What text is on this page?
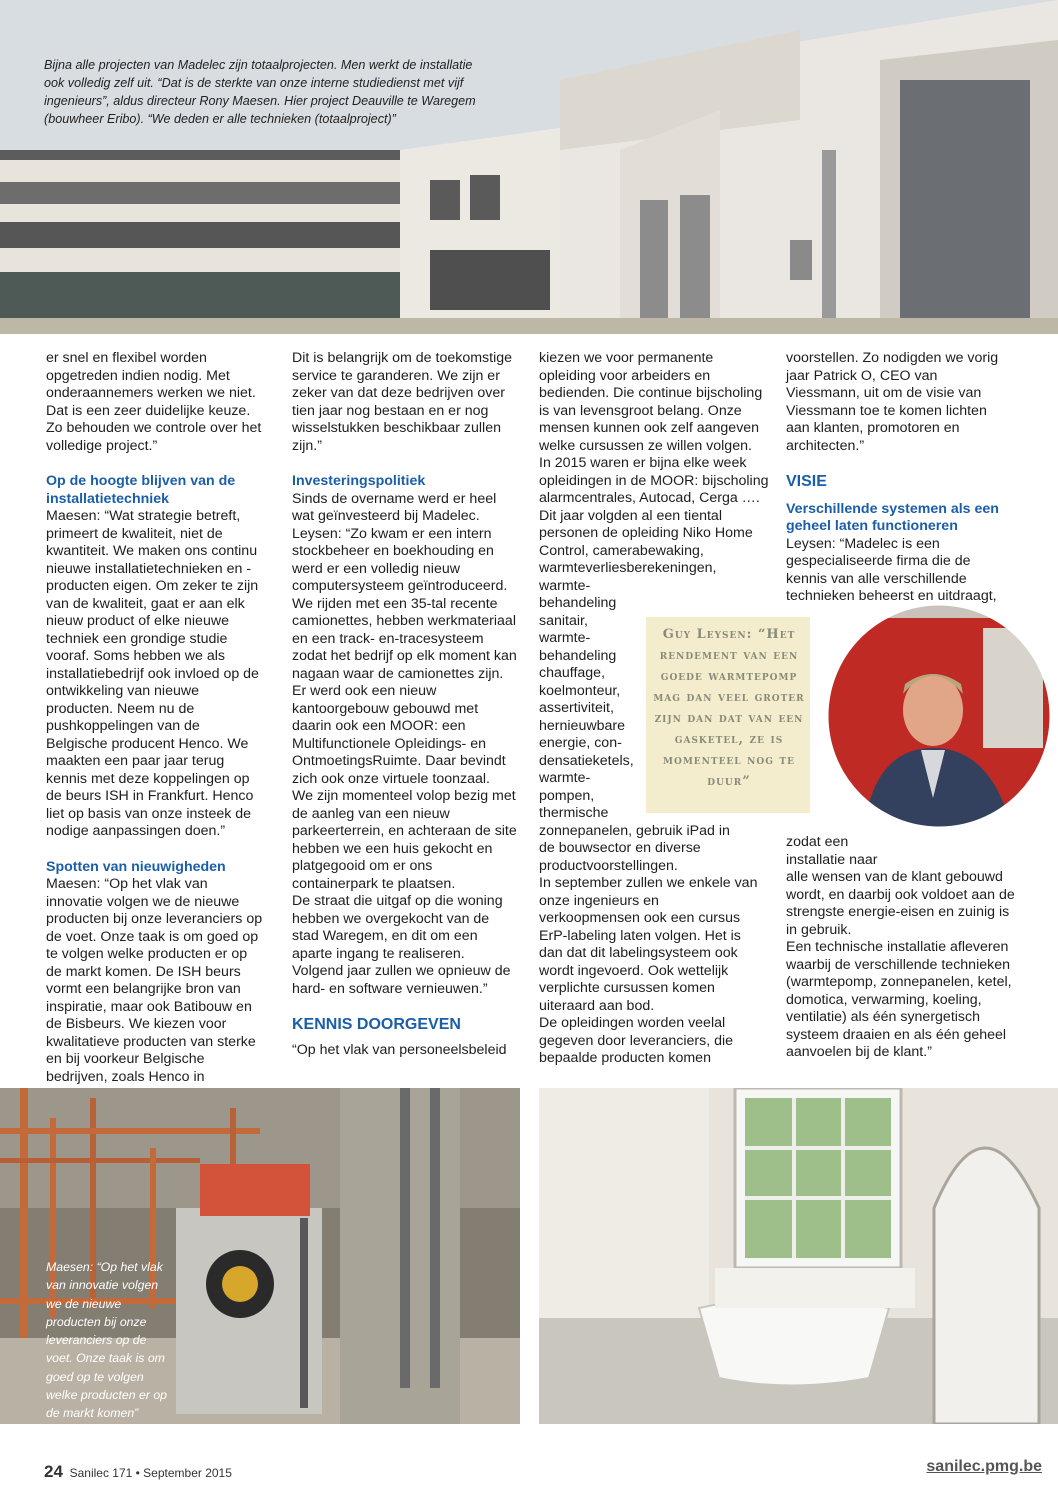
Bijna alle projecten van Madelec zijn totaalprojecten. Men werkt de installatie ook volledig zelf uit. “Dat is de sterkte van onze interne studiedienst met vijf ingenieurs”, aldus directeur Rony Maesen. Hier project Deauville te Waregem (bouwheer Eribo). “We deden er alle technieken (totaalproject)”

er snel en flexibel worden opgetreden indien nodig. Met onderaannemers werken we niet. Dat is een zeer duidelijke keuze. Zo behouden we controle over het volledige project.”

Op de hoogte blijven van de installatietechniek

Maesen: “Wat strategie betreft, primeert de kwaliteit, niet de kwantiteit. We maken ons continu nieuwe installatietechnieken en -producten eigen. Om zeker te zijn van de kwaliteit, gaat er aan elk nieuw product of elke nieuwe techniek een grondige studie vooraf. Soms hebben we als installatiebedrijf ook invloed op de ontwikkeling van nieuwe producten. Neem nu de pushkoppelingen van de Belgische producent Henco. We maakten een paar jaar terug kennis met deze koppelingen op de beurs ISH in Frankfurt. Henco liet op basis van onze insteek de nodige aanpassingen doen.”

Spotten van nieuwigheden

Maesen: “Op het vlak van innovatie volgen we de nieuwe producten bij onze leveranciers op de voet. Onze taak is om goed op te volgen welke producten er op de markt komen. De ISH beurs vormt een belangrijke bron van inspiratie, maar ook Batibouw en de Bisbeurs. We kiezen voor kwalitatieve producten van sterke en bij voorkeur Belgische bedrijven, zoals Henco in

Dit is belangrijk om de toekomstige service te garanderen. We zijn er zeker van dat deze bedrijven over tien jaar nog bestaan en er nog wisselstukken beschikbaar zullen zijn.”

Investeringspolitiek

Sinds de overname werd er heel wat geïnvesteerd bij Madelec. Leysen: “Zo kwam er een intern stockbeheer en boekhouding en werd er een volledig nieuw computersysteem geïntroduceerd. We rijden met een 35-tal recente camionettes, hebben werkmateriaal en een track- en-tracesysteem zodat het bedrijf op elk moment kan nagaan waar de camionettes zijn. Er werd ook een nieuw kantoorgebouw gebouwd met daarin ook een MOOR: een Multifunctionele Opleidings- en OntmoetingsRuimte. Daar bevindt zich ook onze virtuele toonzaal.

We zijn momenteel volop bezig met de aanleg van een nieuw parkeerterrein, en achteraan de site hebben we een huis gekocht en platgegooid om er ons containerpark te plaatsen.

De straat die uitgaf op die woning hebben we overgekocht van de stad Waregem, en dit om een aparte ingang te realiseren. Volgend jaar zullen we opnieuw de hard- en software vernieuwen.”

KENNIS DOORGEVEN

“Op het vlak van personeelsbeleid

kiezen we voor permanente opleiding voor arbeiders en bedienden. Die continue bijscholing is van levensgroot belang. Onze mensen kunnen ook zelf aangeven welke cursussen ze willen volgen.

In 2015 waren er bijna elke week opleidingen in de MOOR: bijscholing alarmcentrales, Autocad, Cerga ….

Dit jaar volgden al een tiental personen de opleiding Niko Home Control, camerabewaking, warmteverliesberekeningen,

warmte-

behandeling

sanitair,

warmte-

behandeling

chauffage,

koelmonteur,

assertiviteit,

hernieuwbare

energie, con-

densatieketels,

warmte-

pompen,

thermische

zonnepanelen, gebruik iPad in de bouwsector en diverse productvoorstellingen.

In september zullen we enkele van onze ingenieurs en verkoopmensen ook een cursus ErP-labeling laten volgen. Het is dan dat dit labelingsysteem ook wordt ingevoerd. Ook wettelijk verplichte cursussen komen uiteraard aan bod.

De opleidingen worden veelal gegeven door leveranciers, die bepaalde producten komen

voorstellen. Zo nodigden we vorig jaar Patrick O, CEO van Viessmann, uit om de visie van Viessmann toe te komen lichten aan klanten, promotoren en architecten.”

VISIE

Verschillende systemen als een geheel laten functioneren

Leysen: “Madelec is een gespecialiseerde firma die de kennis van alle verschillende technieken beheerst en uitdraagt,

zodat een installatie naar

alle wensen van de klant gebouwd wordt, en daarbij ook voldoet aan de strengste energie-eisen en zuinig is in gebruik.

Een technische installatie afleveren waarbij de verschillende technieken (warmtepomp, zonnepanelen, ketel, domotica, verwarming, koeling, ventilatie) als één synergetisch systeem draaien en als één geheel aanvoelen bij de klant.”

Guy Leysen: “Het rendement van een goede warmtepomp mag dan veel groter zijn dan dat van een gasketel, ze is momenteel nog te duur”
Maesen: “Op het vlak van innovatie volgen we de nieuwe producten bij onze leveranciers op de voet. Onze taak is om goed op te volgen welke producten er op de markt komen”
24 Sanilec 171 • September 2015	sanilec.pmg.be
